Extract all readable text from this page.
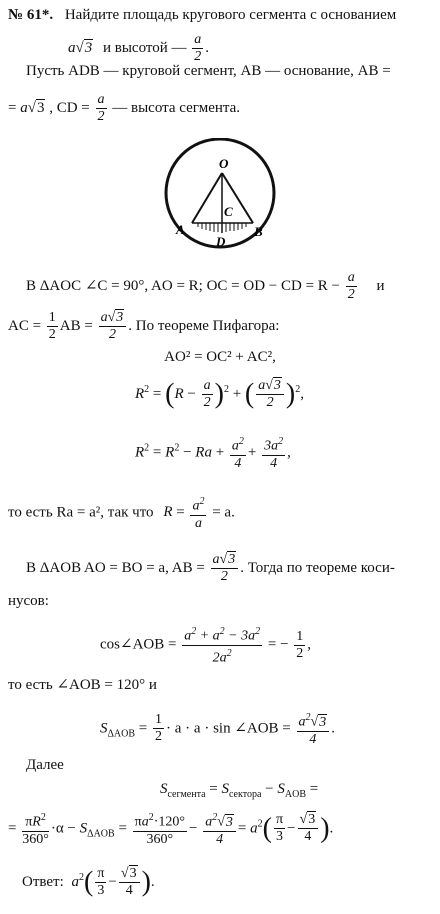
№ 61*. Найдите площадь кругового сегмента с основанием
a√3 и высотой — $\frac{a}{2}$ .
Пусть ADB — круговой сегмент, AB — основание, AB =
= a√3 , CD = $\frac{a}{2}$ — высота сегмента.
O
C
A
D
B
В ΔAOC ∠C = 90°, AO = R; OC = OD − CD = $R - \frac{a}{2}$ и
AC = $\frac{1}{2}$ AB = $\frac{a√3}{2}$ . По теореме Пифагора:
AO² = OC² + AC²,
$R^2 = (R - \frac{a}{2} )^2$ + ( $\frac{a√3}{2} )^2$,
$R^2 = R^2 - Ra + \frac{a^2}{4} + \frac{3a^2}{4}$ ,
то есть Ra = a², так что $R = \frac{a^2}{a} = a$.
В ΔAOB AO = BO = a, AB = $\frac{a√3}{2}$ . Тогда по теореме коси-
нусов:
cos∠AOB = $\frac{a^2 + a^2 - 3a^2}{2a^2}$ = − $\frac{1}{2}$ ,
то есть ∠AOB = 120° и
$S_{\Delta AOB} = \frac{1}{2} \cdot a \cdot a \cdot \sin$ ∠AOB = $\frac{a^2√3}{4}$ .
Далее
$S_{сегмента} = S_{сектора} - S_{AOB}$ =
= $\frac{\pi R^2}{360^\circ} \cdot\alpha - S_{\Delta AOB} = \frac{\pi a^2\cdot 120^\circ}{360^\circ} - \frac{a^2√3}{4} = a^2( \frac{\pi}{3} - \frac{√3}{4}$ ).
Ответ: $a^2( \frac{\pi}{3} - \frac{√3}{4}$ ).
